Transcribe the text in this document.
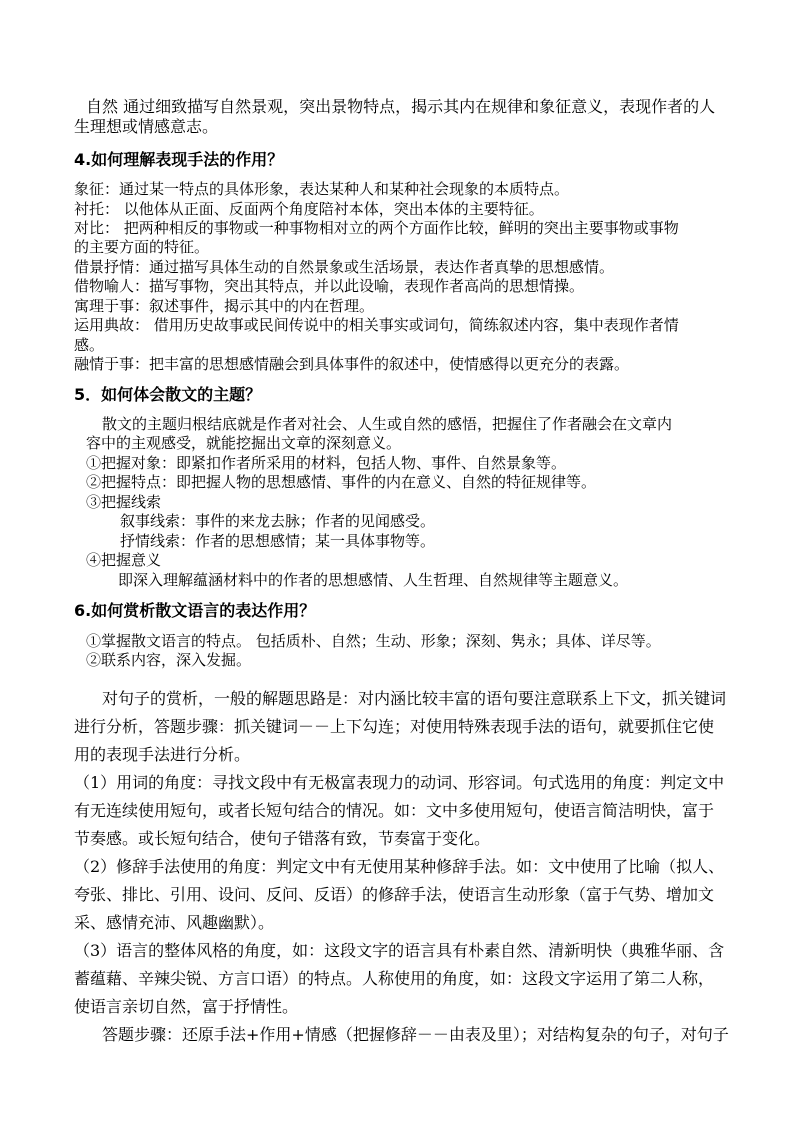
自然 通过细致描写自然景观，突出景物特点，揭示其内在规律和象征意义，表现作者的人
生理想或情感意志。
4.如何理解表现手法的作用？
象征：通过某一特点的具体形象，表达某种人和某种社会现象的本质特点。
衬托： 以他体从正面、反面两个角度陪衬本体，突出本体的主要特征。
对比： 把两种相反的事物或一种事物相对立的两个方面作比较，鲜明的突出主要事物或事物
的主要方面的特征。
借景抒情：通过描写具体生动的自然景象或生活场景，表达作者真挚的思想感情。
借物喻人：描写事物，突出其特点，并以此设喻，表现作者高尚的思想情操。
寓理于事：叙述事件，揭示其中的内在哲理。
运用典故： 借用历史故事或民间传说中的相关事实或词句，简练叙述内容，集中表现作者情
感。
融情于事：把丰富的思想感情融会到具体事件的叙述中，使情感得以更充分的表露。
5．如何体会散文的主题？
散文的主题归根结底就是作者对社会、人生或自然的感悟，把握住了作者融会在文章内
容中的主观感受，就能挖掘出文章的深刻意义。
①把握对象：即紧扣作者所采用的材料，包括人物、事件、自然景象等。
②把握特点：即把握人物的思想感情、事件的内在意义、自然的特征规律等。
③把握线索
叙事线索：事件的来龙去脉；作者的见闻感受。
抒情线索：作者的思想感情；某一具体事物等。
④把握意义
即深入理解蕴涵材料中的作者的思想感情、人生哲理、自然规律等主题意义。
6.如何赏析散文语言的表达作用？
①掌握散文语言的特点。 包括质朴、自然；生动、形象；深刻、隽永；具体、详尽等。
②联系内容，深入发掘。
对句子的赏析，一般的解题思路是：对内涵比较丰富的语句要注意联系上下文，抓关键词
进行分析，答题步骤：抓关键词－－上下勾连；对使用特殊表现手法的语句，就要抓住它使
用的表现手法进行分析。
（1）用词的角度：寻找文段中有无极富表现力的动词、形容词。句式选用的角度：判定文中
有无连续使用短句，或者长短句结合的情况。如：文中多使用短句，使语言简洁明快，富于
节奏感。或长短句结合，使句子错落有致，节奏富于变化。
（2）修辞手法使用的角度：判定文中有无使用某种修辞手法。如：文中使用了比喻（拟人、
夸张、排比、引用、设问、反问、反语）的修辞手法，使语言生动形象（富于气势、增加文
采、感情充沛、风趣幽默）。
（3）语言的整体风格的角度，如：这段文字的语言具有朴素自然、清新明快（典雅华丽、含
蓄蕴藉、辛辣尖锐、方言口语）的特点。人称使用的角度，如：这段文字运用了第二人称，
使语言亲切自然，富于抒情性。
答题步骤：还原手法+作用+情感（把握修辞－－由表及里）；对结构复杂的句子，对句子
